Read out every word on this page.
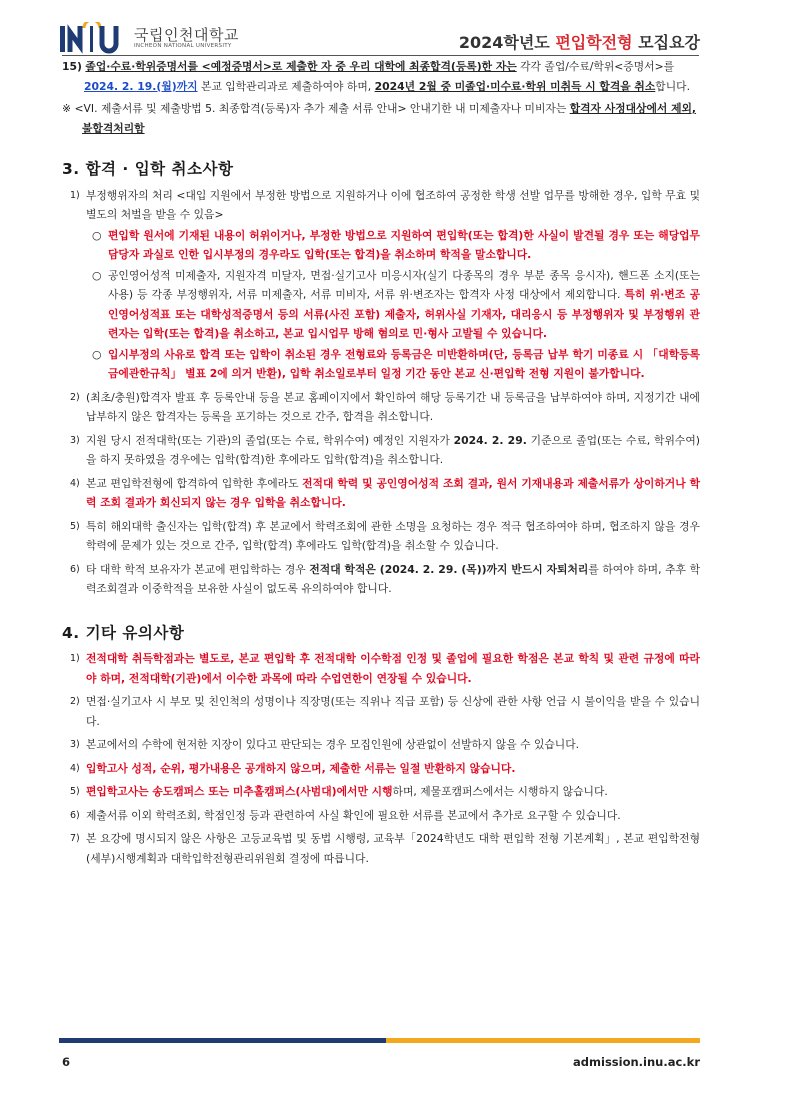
국립인천대학교
INCHEON NATIONAL UNIVERSITY	2024학년도 편입학전형 모집요강
15) 졸업·수료·학위증명서를 <예정증명서>로 제출한 자 중 우리 대학에 최종합격(등록)한 자는 각각 졸업/수료/학위<증명서>를 2024. 2. 19.(월)까지 본교 입학관리과로 제출하여야 하며, 2024년 2월 중 미졸업·미수료·학위 미취득 시 합격을 취소합니다.
※ <VI. 제출서류 및 제출방법 5. 최종합격(등록)자 추가 제출 서류 안내> 안내기한 내 미제출자나 미비자는 합격자 사정대상에서 제외, 불합격처리함
3. 합격 · 입학 취소사항
1) 부정행위자의 처리 <대입 지원에서 부정한 방법으로 지원하거나 이에 협조하여 공정한 학생 선발 업무를 방해한 경우, 입학 무효 및 별도의 처벌을 받을 수 있음>
○ 편입학 원서에 기재된 내용이 허위이거나, 부정한 방법으로 지원하여 편입학(또는 합격)한 사실이 발견될 경우 또는 해당업무 담당자 과실로 인한 입시부정의 경우라도 입학(또는 합격)을 취소하며 학적을 말소합니다.
○ 공인영어성적 미제출자, 지원자격 미달자, 면접·실기고사 미응시자(실기 다종목의 경우 부분 종목 응시자), 핸드폰 소지(또는 사용) 등 각종 부정행위자, 서류 미제출자, 서류 미비자, 서류 위·변조자는 합격자 사정 대상에서 제외합니다. 특히 위·변조 공인영어성적표 또는 대학성적증명서 등의 서류(사진 포함) 제출자, 허위사실 기재자, 대리응시 등 부정행위자 및 부정행위 관련자는 입학(또는 합격)을 취소하고, 본교 입시업무 방해 혐의로 민·형사 고발될 수 있습니다.
○ 입시부정의 사유로 합격 또는 입학이 취소된 경우 전형료와 등록금은 미반환하며(단, 등록금 납부 학기 미종료 시 「대학등록금에관한규칙」 별표 2에 의거 반환), 입학 취소일로부터 일정 기간 동안 본교 신·편입학 전형 지원이 불가합니다.
2) (최초/충원)합격자 발표 후 등록안내 등을 본교 홈페이지에서 확인하여 해당 등록기간 내 등록금을 납부하여야 하며, 지정기간 내에 납부하지 않은 합격자는 등록을 포기하는 것으로 간주, 합격을 취소합니다.
3) 지원 당시 전적대학(또는 기관)의 졸업(또는 수료, 학위수여) 예정인 지원자가 2024. 2. 29. 기준으로 졸업(또는 수료, 학위수여)을 하지 못하였을 경우에는 입학(합격)한 후에라도 입학(합격)을 취소합니다.
4) 본교 편입학전형에 합격하여 입학한 후에라도 전적대 학력 및 공인영어성적 조회 결과, 원서 기재내용과 제출서류가 상이하거나 학력 조회 결과가 회신되지 않는 경우 입학을 취소합니다.
5) 특히 해외대학 출신자는 입학(합격) 후 본교에서 학력조회에 관한 소명을 요청하는 경우 적극 협조하여야 하며, 협조하지 않을 경우 학력에 문제가 있는 것으로 간주, 입학(합격) 후에라도 입학(합격)을 취소할 수 있습니다.
6) 타 대학 학적 보유자가 본교에 편입학하는 경우 전적대 학적은 (2024. 2. 29. (목))까지 반드시 자퇴처리를 하여야 하며, 추후 학력조회결과 이중학적을 보유한 사실이 없도록 유의하여야 합니다.
4. 기타 유의사항
1) 전적대학 취득학점과는 별도로, 본교 편입학 후 전적대학 이수학점 인정 및 졸업에 필요한 학점은 본교 학칙 및 관련 규정에 따라야 하며, 전적대학(기관)에서 이수한 과목에 따라 수업연한이 연장될 수 있습니다.
2) 면접·실기고사 시 부모 및 친인척의 성명이나 직장명(또는 직위나 직급 포함) 등 신상에 관한 사항 언급 시 불이익을 받을 수 있습니다.
3) 본교에서의 수학에 현저한 지장이 있다고 판단되는 경우 모집인원에 상관없이 선발하지 않을 수 있습니다.
4) 입학고사 성적, 순위, 평가내용은 공개하지 않으며, 제출한 서류는 일절 반환하지 않습니다.
5) 편입학고사는 송도캠퍼스 또는 미추홀캠퍼스(사범대)에서만 시행하며, 제물포캠퍼스에서는 시행하지 않습니다.
6) 제출서류 이외 학력조회, 학점인정 등과 관련하여 사실 확인에 필요한 서류를 본교에서 추가로 요구할 수 있습니다.
7) 본 요강에 명시되지 않은 사항은 고등교육법 및 동법 시행령, 교육부「2024학년도 대학 편입학 전형 기본계획」, 본교 편입학전형 (세부)시행계획과 대학입학전형관리위원회 결정에 따릅니다.
6	admission.inu.ac.kr
